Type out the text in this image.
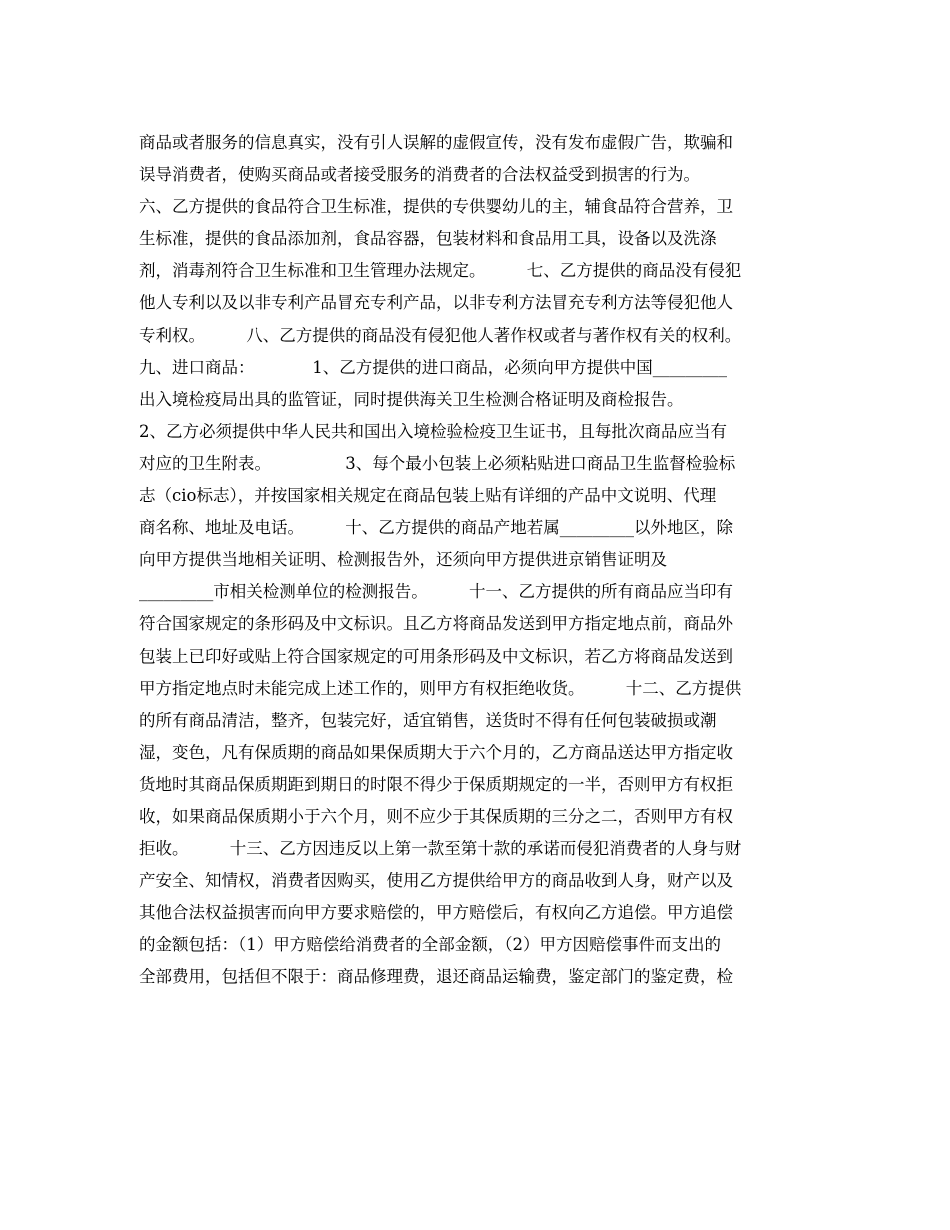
商品或者服务的信息真实，没有引人误解的虚假宣传，没有发布虚假广告，欺骗和
误导消费者，使购买商品或者接受服务的消费者的合法权益受到损害的行为。
六、乙方提供的食品符合卫生标准，提供的专供婴幼儿的主，辅食品符合营养，卫
生标准，提供的食品添加剂，食品容器，包装材料和食品用工具，设备以及洗涤
剂，消毒剂符合卫生标准和卫生管理办法规定。　　　七、乙方提供的商品没有侵犯
他人专利以及以非专利产品冒充专利产品，以非专利方法冒充专利方法等侵犯他人
专利权。　　　八、乙方提供的商品没有侵犯他人著作权或者与著作权有关的权利。
九、进口商品：　　　　1、乙方提供的进口商品，必须向甲方提供中国_________
出入境检疫局出具的监管证，同时提供海关卫生检测合格证明及商检报告。
2、乙方必须提供中华人民共和国出入境检验检疫卫生证书，且每批次商品应当有
对应的卫生附表。　　　　　3、每个最小包装上必须粘贴进口商品卫生监督检验标
志（cio标志），并按国家相关规定在商品包装上贴有详细的产品中文说明、代理
商名称、地址及电话。　　　十、乙方提供的商品产地若属_________以外地区，除
向甲方提供当地相关证明、检测报告外，还须向甲方提供进京销售证明及
_________市相关检测单位的检测报告。　　　十一、乙方提供的所有商品应当印有
符合国家规定的条形码及中文标识。且乙方将商品发送到甲方指定地点前，商品外
包装上已印好或贴上符合国家规定的可用条形码及中文标识，若乙方将商品发送到
甲方指定地点时未能完成上述工作的，则甲方有权拒绝收货。　　　十二、乙方提供
的所有商品清洁，整齐，包装完好，适宜销售，送货时不得有任何包装破损或潮
湿，变色，凡有保质期的商品如果保质期大于六个月的，乙方商品送达甲方指定收
货地时其商品保质期距到期日的时限不得少于保质期规定的一半，否则甲方有权拒
收，如果商品保质期小于六个月，则不应少于其保质期的三分之二，否则甲方有权
拒收。　　　十三、乙方因违反以上第一款至第十款的承诺而侵犯消费者的人身与财
产安全、知情权，消费者因购买，使用乙方提供给甲方的商品收到人身，财产以及
其他合法权益损害而向甲方要求赔偿的，甲方赔偿后，有权向乙方追偿。甲方追偿
的金额包括：（1）甲方赔偿给消费者的全部金额，（2）甲方因赔偿事件而支出的
全部费用，包括但不限于：商品修理费，退还商品运输费，鉴定部门的鉴定费，检
